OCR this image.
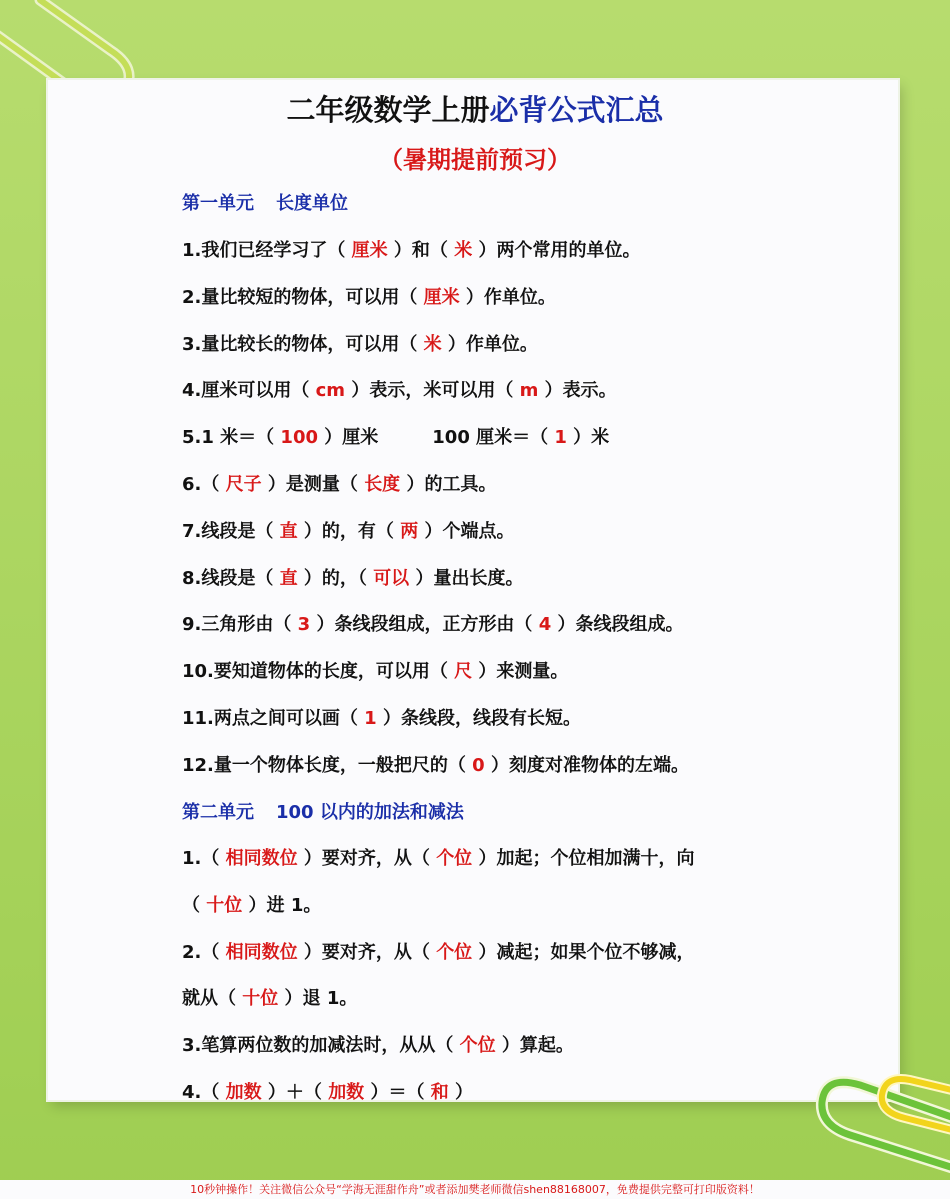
二年级数学上册必背公式汇总
（暑期提前预习）
第一单元 长度单位
1.我们已经学习了（ 厘米 ）和（ 米 ）两个常用的单位。
2.量比较短的物体，可以用（ 厘米 ）作单位。
3.量比较长的物体，可以用（ 米 ）作单位。
4.厘米可以用（ cm ）表示，米可以用（ m ）表示。
5.1 米＝（ 100 ）厘米　　　100 厘米＝（ 1 ）米
6.（ 尺子 ）是测量（ 长度 ）的工具。
7.线段是（ 直 ）的，有（ 两 ）个端点。
8.线段是（ 直 ）的，（ 可以 ）量出长度。
9.三角形由（ 3 ）条线段组成，正方形由（ 4 ）条线段组成。
10.要知道物体的长度，可以用（ 尺 ）来测量。
11.两点之间可以画（ 1 ）条线段，线段有长短。
12.量一个物体长度，一般把尺的（ 0 ）刻度对准物体的左端。
第二单元 100 以内的加法和减法
1.（ 相同数位 ）要对齐，从（ 个位 ）加起；个位相加满十，向
（ 十位 ）进 1。
2.（ 相同数位 ）要对齐，从（ 个位 ）减起；如果个位不够减，
就从（ 十位 ）退 1。
3.笔算两位数的加减法时，从从（ 个位 ）算起。
4.（ 加数 ）＋（ 加数 ）＝（ 和 ）
10秒钟操作！关注微信公众号“学海无涯甜作舟”或者添加樊老师微信shen88168007，免费提供完整可打印版资料！
